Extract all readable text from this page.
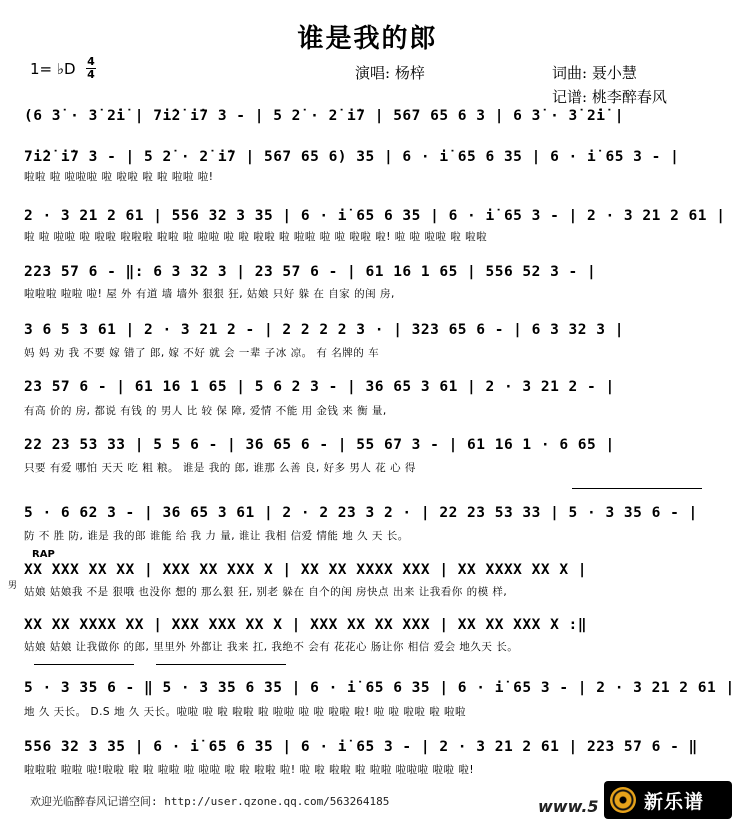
谁是我的郎
1= ♭D 4
4	演唱: 杨梓	词曲: 聂小慧
记谱: 桃李醉春风
(6 3̇ · 3̇ 2̇i̇ | 7i̇2̇ i̇7 3 - | 5 2̇ · 2̇ i̇7 | 567 65 6 3 | 6 3̇ · 3̇ 2̇i̇ |
7i̇2̇ i̇7 3 - | 5 2̇ · 2̇ i̇7 | 567 65 6) 35 | 6 · i̇ 65 6 35 | 6 · i̇ 65 3 - |
啦啦 啦 啦啦啦 啦 啦啦 啦 啦 啦啦 啦!
2 · 3 21 2 61 | 556 32 3 35 | 6 · i̇ 65 6 35 | 6 · i̇ 65 3 - | 2 · 3 21 2 61 |
啦 啦 啦啦 啦 啦啦 啦啦啦 啦啦 啦 啦啦 啦 啦 啦啦 啦 啦啦 啦 啦 啦啦 啦! 啦 啦 啦啦 啦 啦啦
223 57 6 - ‖: 6 3 32 3 | 23 57 6 - | 61 16 1 65 | 556 52 3 - |
啦啦啦 啦啦 啦! 屋 外 有道 墙 墙外 狠狠 狂, 姑娘 只好 躲 在 自家 的闺 房,
3 6 5 3 61 | 2 · 3 21 2 - | 2 2 2 2 3 · | 323 65 6 - | 6 3 32 3 |
妈 妈 劝 我 不要 嫁 错了 郎, 嫁 不好 就 会 一辈 子冰 凉。 有 名牌的 车
23 57 6 - | 61 16 1 65 | 5 6 2 3 - | 36 65 3 61 | 2 · 3 21 2 - |
有高 价的 房, 都说 有钱 的 男人 比 较 保 障, 爱情 不能 用 金钱 来 衡 量,
22 23 53 33 | 5 5 6 - | 36 65 6 - | 55 67 3 - | 61 16 1 · 6 65 |
只要 有爱 哪怕 天天 吃 粗 粮。 谁是 我的 郎, 谁那 么善 良, 好多 男人 花 心 得
5 · 6 62 3 - | 36 65 3 61 | 2 · 2 23 3 2 · | 22 23 53 33 | 5 · 3 35 6 - |
防 不 胜 防, 谁是 我的郎 谁能 给 我 力 量, 谁让 我相 信爱 情能 地 久 天 长。
RAP
男
XX XXX XX XX | XXX XX XXX X | XX XX XXXX XXX | XX XXXX XX X |
姑娘 姑娘我 不是 狠哦 也没你 想的 那么狠 狂, 别老 躲在 自个的闺 房快点 出来 让我看你 的模 样,
XX XX XXXX XX | XXX XXX XX X | XXX XX XX XXX | XX XX XXX X :‖
姑娘 姑娘 让我做你 的郎, 里里外 外都让 我来 扛, 我绝不 会有 花花心 肠让你 相信 爱会 地久天 长。
5 · 3 35 6 - ‖ 5 · 3 35 6 35 | 6 · i̇ 65 6 35 | 6 · i̇ 65 3 - | 2 · 3 21 2 61 |
地 久 天长。 D.S 地 久 天长。啦啦 啦 啦 啦啦 啦 啦啦 啦 啦 啦啦 啦! 啦 啦 啦啦 啦 啦啦
556 32 3 35 | 6 · i̇ 65 6 35 | 6 · i̇ 65 3 - | 2 · 3 21 2 61 | 223 57 6 - ‖
啦啦啦 啦啦 啦!啦啦 啦 啦 啦啦 啦 啦啦 啦 啦 啦啦 啦! 啦 啦 啦啦 啦 啦啦 啦啦啦 啦啦 啦!
欢迎光临醉春风记谱空间: http://user.qzone.qq.com/563264185	www.5 新乐谱
